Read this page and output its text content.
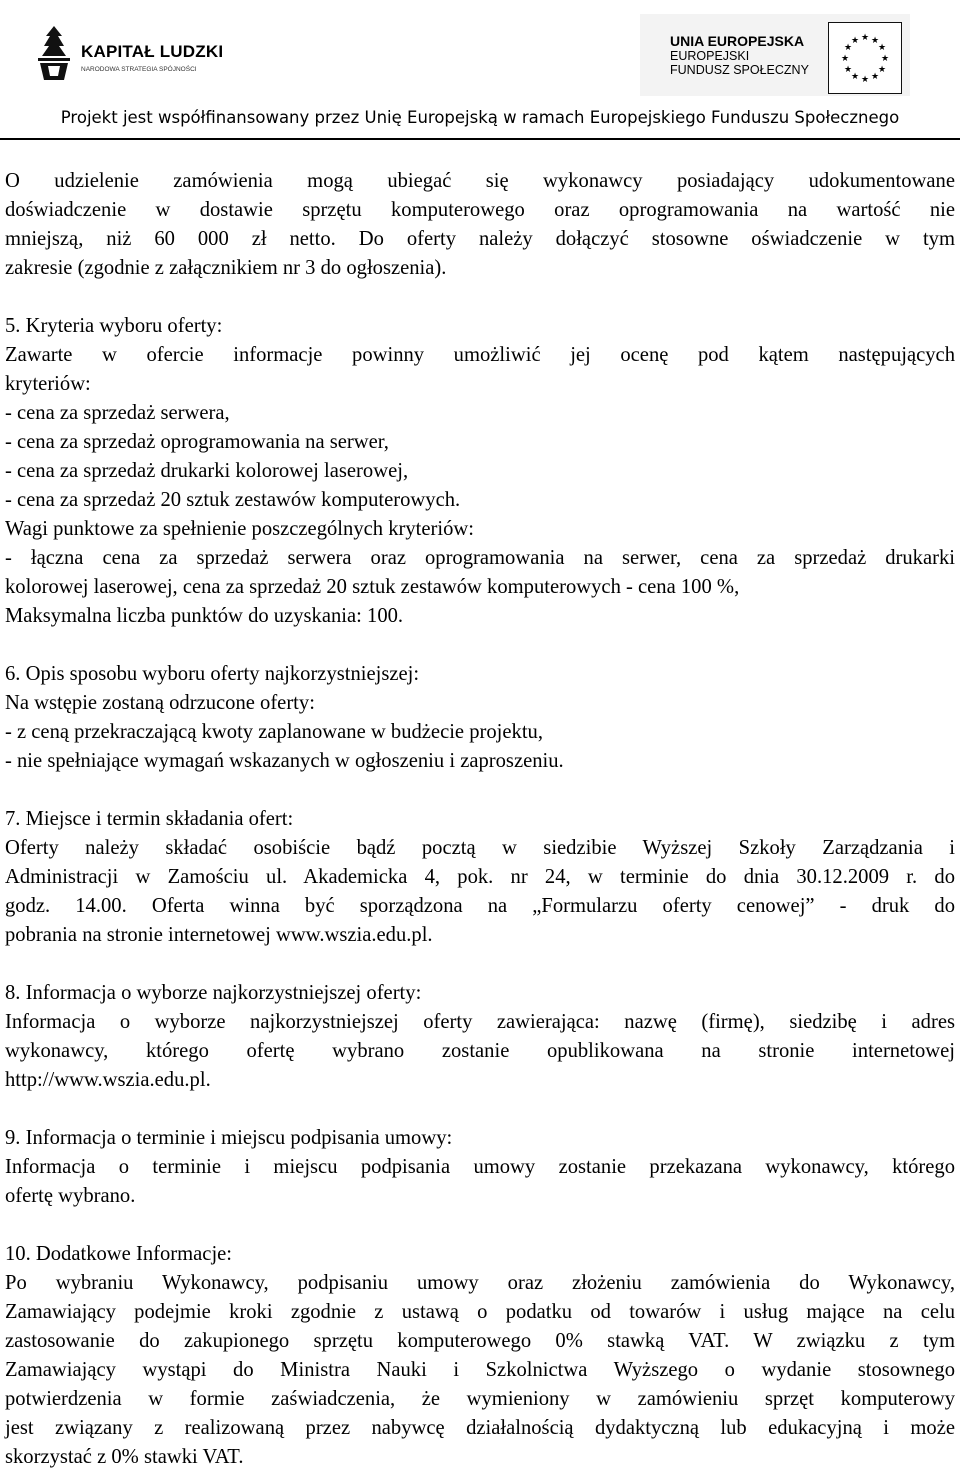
KAPITAŁ LUDZKI
NARODOWA STRATEGIA SPÓJNOŚCI
UNIA EUROPEJSKA
EUROPEJSKI
FUNDUSZ SPOŁECZNY
★ ★
★
★
★
★
★
★
★
★
★
★
Projekt jest współfinansowany przez Unię Europejską w ramach Europejskiego Funduszu Społecznego

O udzielenie zamówienia mogą ubiegać się wykonawcy posiadający udokumentowane

doświadczenie w dostawie sprzętu komputerowego oraz oprogramowania na wartość nie

mniejszą, niż 60 000 zł netto. Do oferty należy dołączyć stosowne oświadczenie w tym

zakresie (zgodnie z załącznikiem nr 3 do ogłoszenia).

5. Kryteria wyboru oferty:

Zawarte w ofercie informacje powinny umożliwić jej ocenę pod kątem następujących

kryteriów:

- cena za sprzedaż serwera,

- cena za sprzedaż oprogramowania na serwer,

- cena za sprzedaż drukarki kolorowej laserowej,

- cena za sprzedaż 20 sztuk zestawów komputerowych.

Wagi punktowe za spełnienie poszczególnych kryteriów:

- łączna cena za sprzedaż serwera oraz oprogramowania na serwer, cena za sprzedaż drukarki

kolorowej laserowej, cena za sprzedaż 20 sztuk zestawów komputerowych - cena 100 %,

Maksymalna liczba punktów do uzyskania: 100.

6. Opis sposobu wyboru oferty najkorzystniejszej:

Na wstępie zostaną odrzucone oferty:

- z ceną przekraczającą kwoty zaplanowane w budżecie projektu,

- nie spełniające wymagań wskazanych w ogłoszeniu i zaproszeniu.

7. Miejsce i termin składania ofert:

Oferty należy składać osobiście bądź pocztą w siedzibie Wyższej Szkoły Zarządzania i

Administracji w Zamościu ul. Akademicka 4, pok. nr 24, w terminie do dnia 30.12.2009 r. do

godz. 14.00. Oferta winna być sporządzona na „Formularzu oferty cenowej” - druk do

pobrania na stronie internetowej www.wszia.edu.pl.

8. Informacja o wyborze najkorzystniejszej oferty:

Informacja o wyborze najkorzystniejszej oferty zawierająca: nazwę (firmę), siedzibę i adres

wykonawcy, którego ofertę wybrano zostanie opublikowana na stronie internetowej

http://www.wszia.edu.pl.

9. Informacja o terminie i miejscu podpisania umowy:

Informacja o terminie i miejscu podpisania umowy zostanie przekazana wykonawcy, którego

ofertę wybrano.

10. Dodatkowe Informacje:

Po wybraniu Wykonawcy, podpisaniu umowy oraz złożeniu zamówienia do Wykonawcy,

Zamawiający podejmie kroki zgodnie z ustawą o podatku od towarów i usług mające na celu

zastosowanie do zakupionego sprzętu komputerowego 0% stawką VAT. W związku z tym

Zamawiający wystąpi do Ministra Nauki i Szkolnictwa Wyższego o wydanie stosownego

potwierdzenia w formie zaświadczenia, że wymieniony w zamówieniu sprzęt komputerowy

jest związany z realizowaną przez nabywcę działalnością dydaktyczną lub edukacyjną i może

skorzystać z 0% stawki VAT.
